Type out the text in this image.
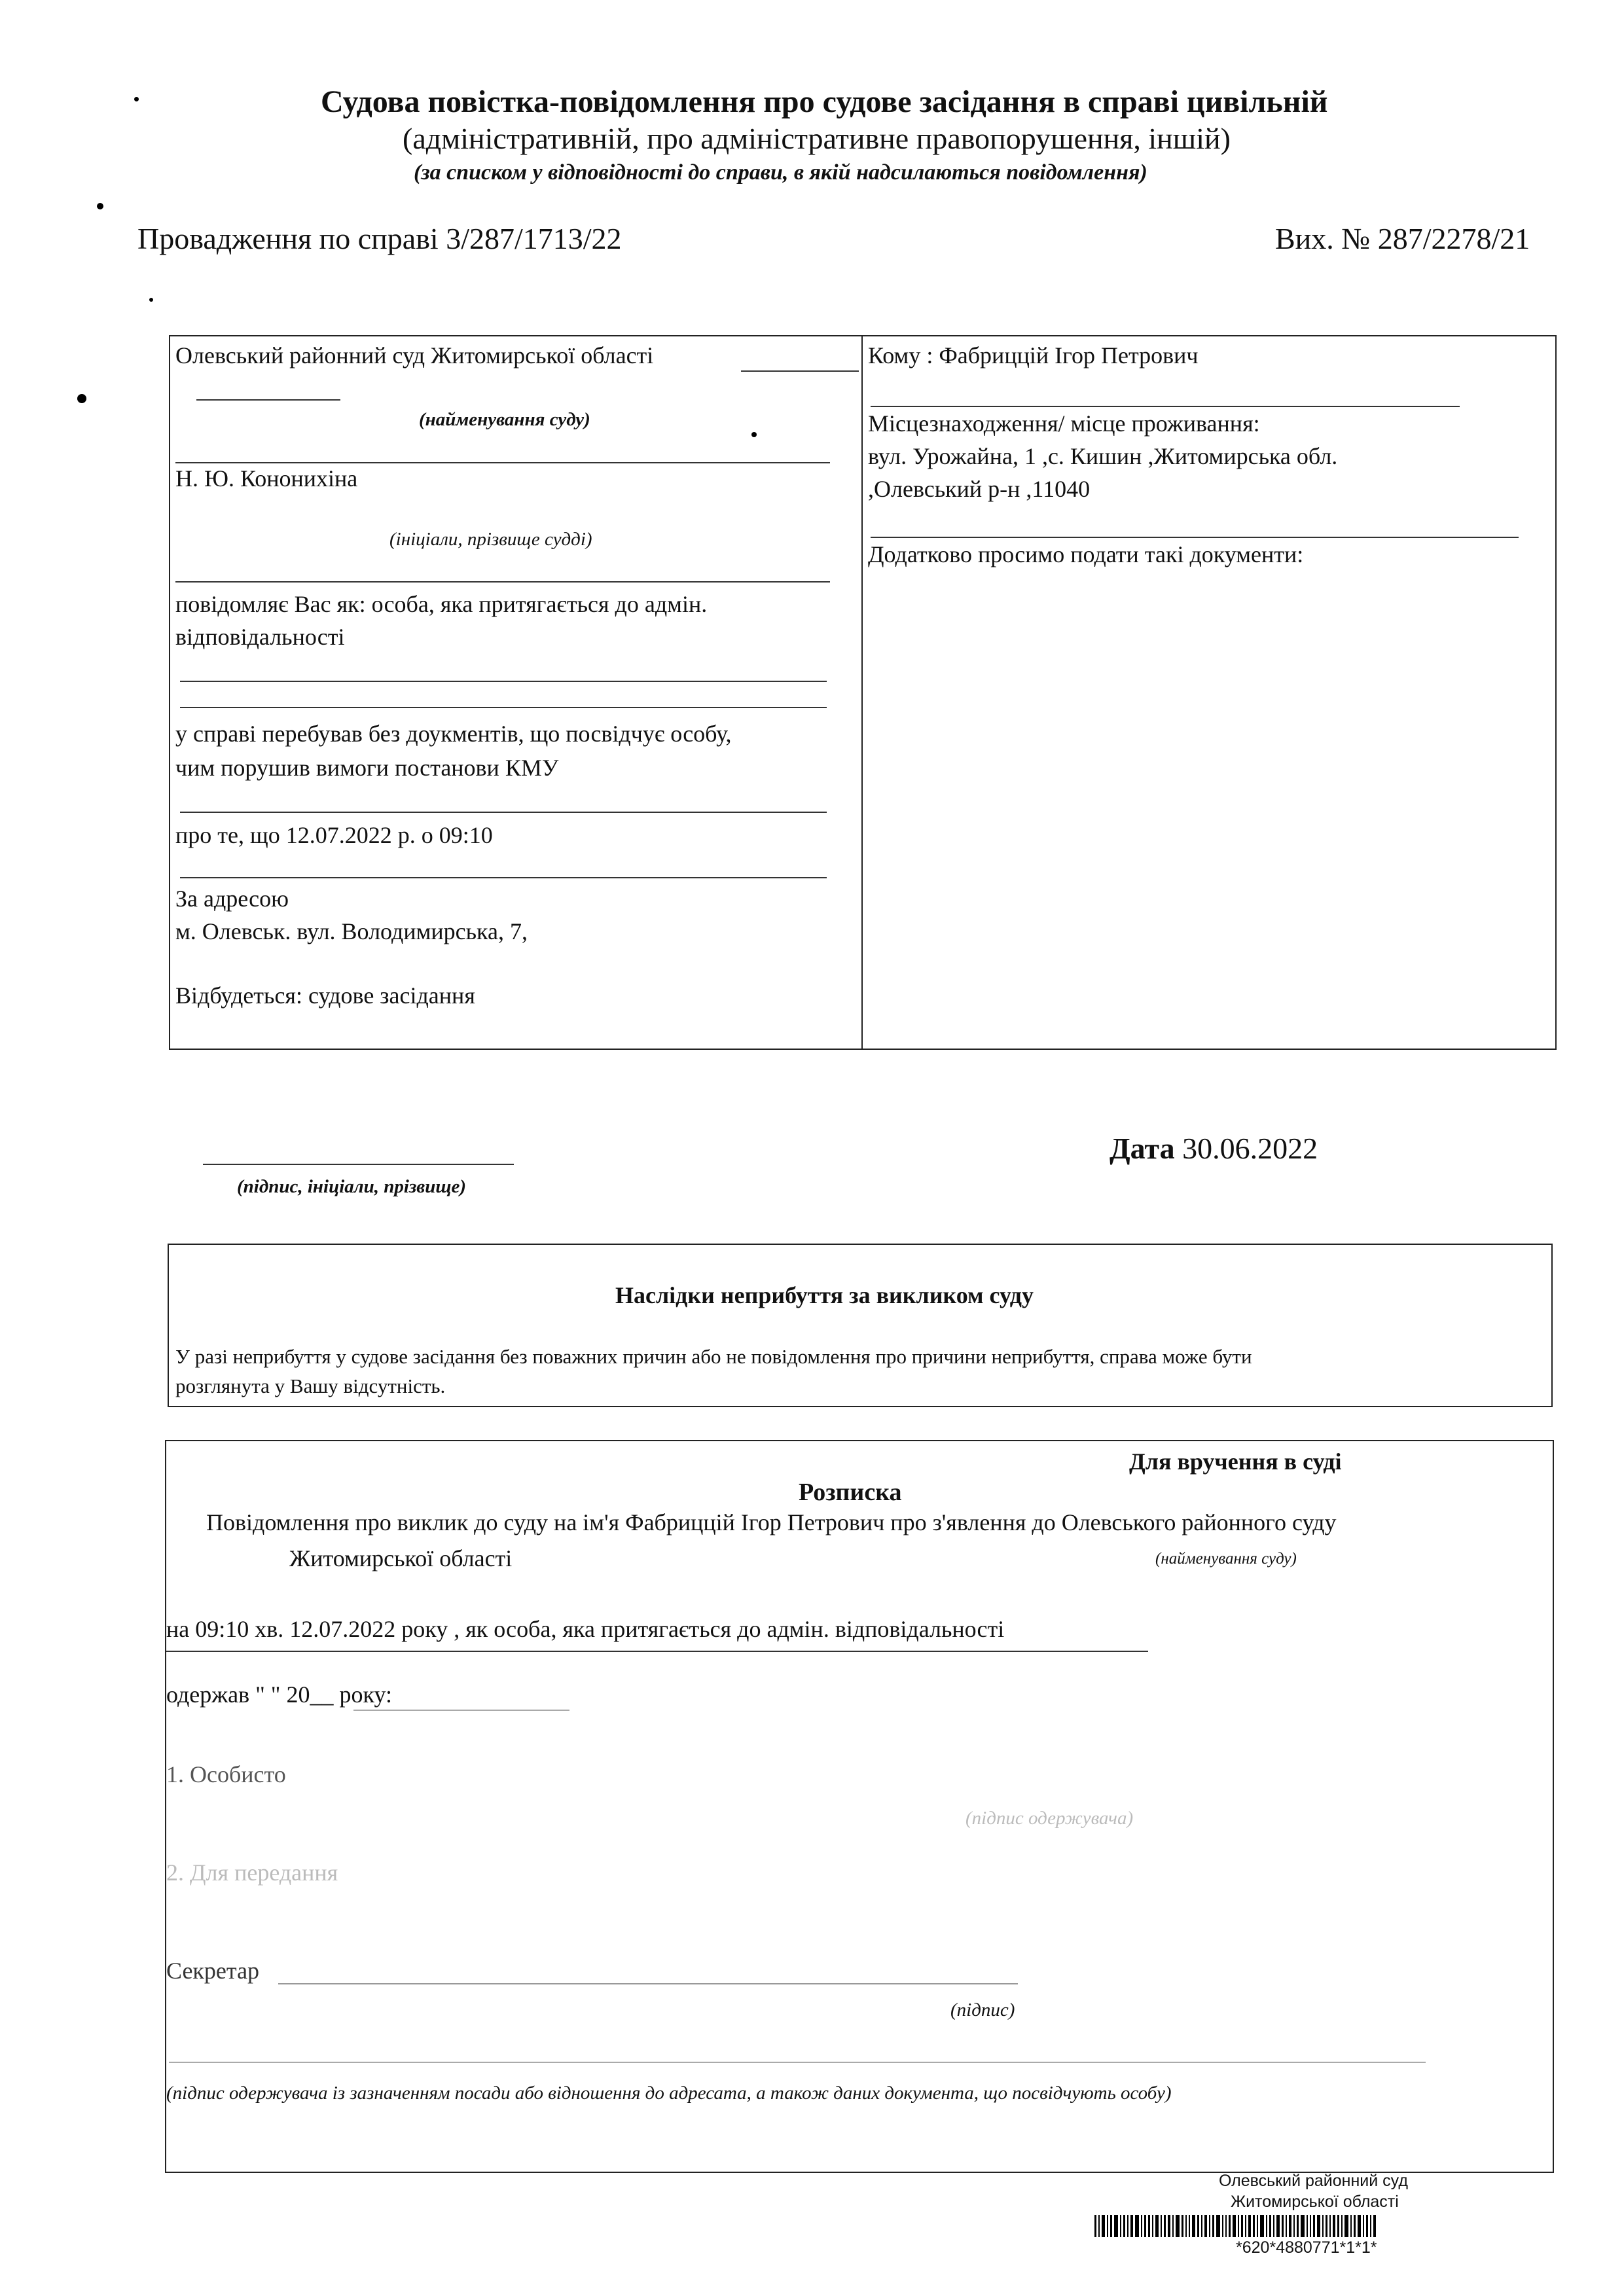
Судова повістка-повідомлення про судове засідання в справі цивільній
(адміністративній, про адміністративне правопорушення, іншій)
(за списком у відповідності до справи, в якій надсилаються повідомлення)
Провадження по справі 3/287/1713/22	Вих. № 287/2278/21
Олевський районний суд Житомирської області
(найменування суду)
Н. Ю. Кононихіна
(ініціали, прізвище судді)
повідомляє Вас як: особа, яка притягається до адмін.
відповідальності
у справі перебував без доукментів, що посвідчує особу,
чим порушив вимоги постанови КМУ
про те, що 12.07.2022 р. о 09:10
За адресою
м. Олевськ. вул. Володимирська, 7,
Відбудеться: судове засідання
Кому : Фабриццій Ігор Петрович
Місцезнаходження/ місце проживання:
вул. Урожайна, 1 ,с. Кишин ,Житомирська обл.
,Олевський р-н ,11040
Додатково просимо подати такі документи:
(підпис, ініціали, прізвище)
Дата 30.06.2022
Наслідки неприбуття за викликом суду
У разі неприбуття у судове засідання без поважних причин або не повідомлення про причини неприбуття, справа може бути
розглянута у Вашу відсутність.
Для вручення в суді
Розписка
Повідомлення про виклик до суду на ім'я Фабриццій Ігор Петрович про з'явлення до Олевського районного суду
Житомирської області	(найменування суду)
на 09:10 хв. 12.07.2022 року , як особа, яка притягається до адмін. відповідальності
одержав " " 20__ року:
1. Особисто
(підпис одержувача)
2. Для передання
Секретар
(підпис)
(підпис одержувача із зазначенням посади або відношення до адресата, а також даних документа, що посвідчують особу)
Олевський районний суд
Житомирської області
*620*4880771*1*1*
